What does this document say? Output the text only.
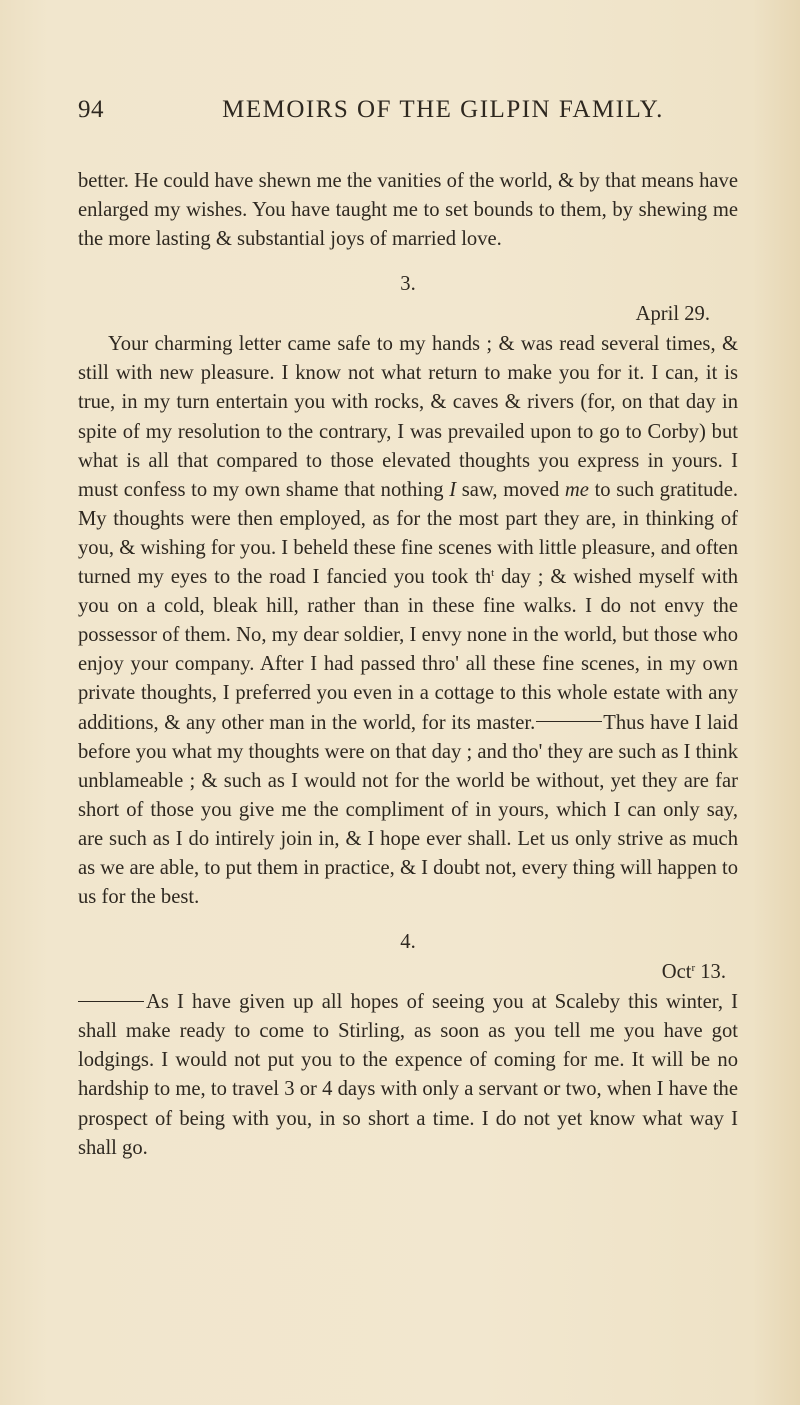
94	MEMOIRS OF THE GILPIN FAMILY.

better. He could have shewn me the vanities of the world, & by that means have enlarged my wishes. You have taught me to set bounds to them, by shewing me the more lasting & substantial joys of married love.

3.
April 29.

Your charming letter came safe to my hands ; & was read several times, & still with new pleasure. I know not what return to make you for it. I can, it is true, in my turn entertain you with rocks, & caves & rivers (for, on that day in spite of my resolution to the contrary, I was prevailed upon to go to Corby) but what is all that compared to those elevated thoughts you express in yours. I must confess to my own shame that nothing I saw, moved me to such gratitude. My thoughts were then employed, as for the most part they are, in thinking of you, & wishing for you. I beheld these fine scenes with little pleasure, and often turned my eyes to the road I fancied you took $th^t$ day ; & wished myself with you on a cold, bleak hill, rather than in these fine walks. I do not envy the possessor of them. No, my dear soldier, I envy none in the world, but those who enjoy your company. After I had passed thro' all these fine scenes, in my own private thoughts, I preferred you even in a cottage to this whole estate with any additions, & any other man in the world, for its master.	Thus have I laid before you what my thoughts were on that day ; and tho' they are such as I think unblameable ; & such as I would not for the world be without, yet they are far short of those you give me the compliment of in yours, which I can only say, are such as I do intirely join in, & I hope ever shall. Let us only strive as much as we are able, to put them in practice, & I doubt not, every thing will happen to us for the best.

4.
Oct$^r$ 13.

As I have given up all hopes of seeing you at Scaleby this winter, I shall make ready to come to Stirling, as soon as you tell me you have got lodgings. I would not put you to the expence of coming for me. It will be no hardship to me, to travel 3 or 4 days with only a servant or two, when I have the prospect of being with you, in so short a time. I do not yet know what way I shall go.
